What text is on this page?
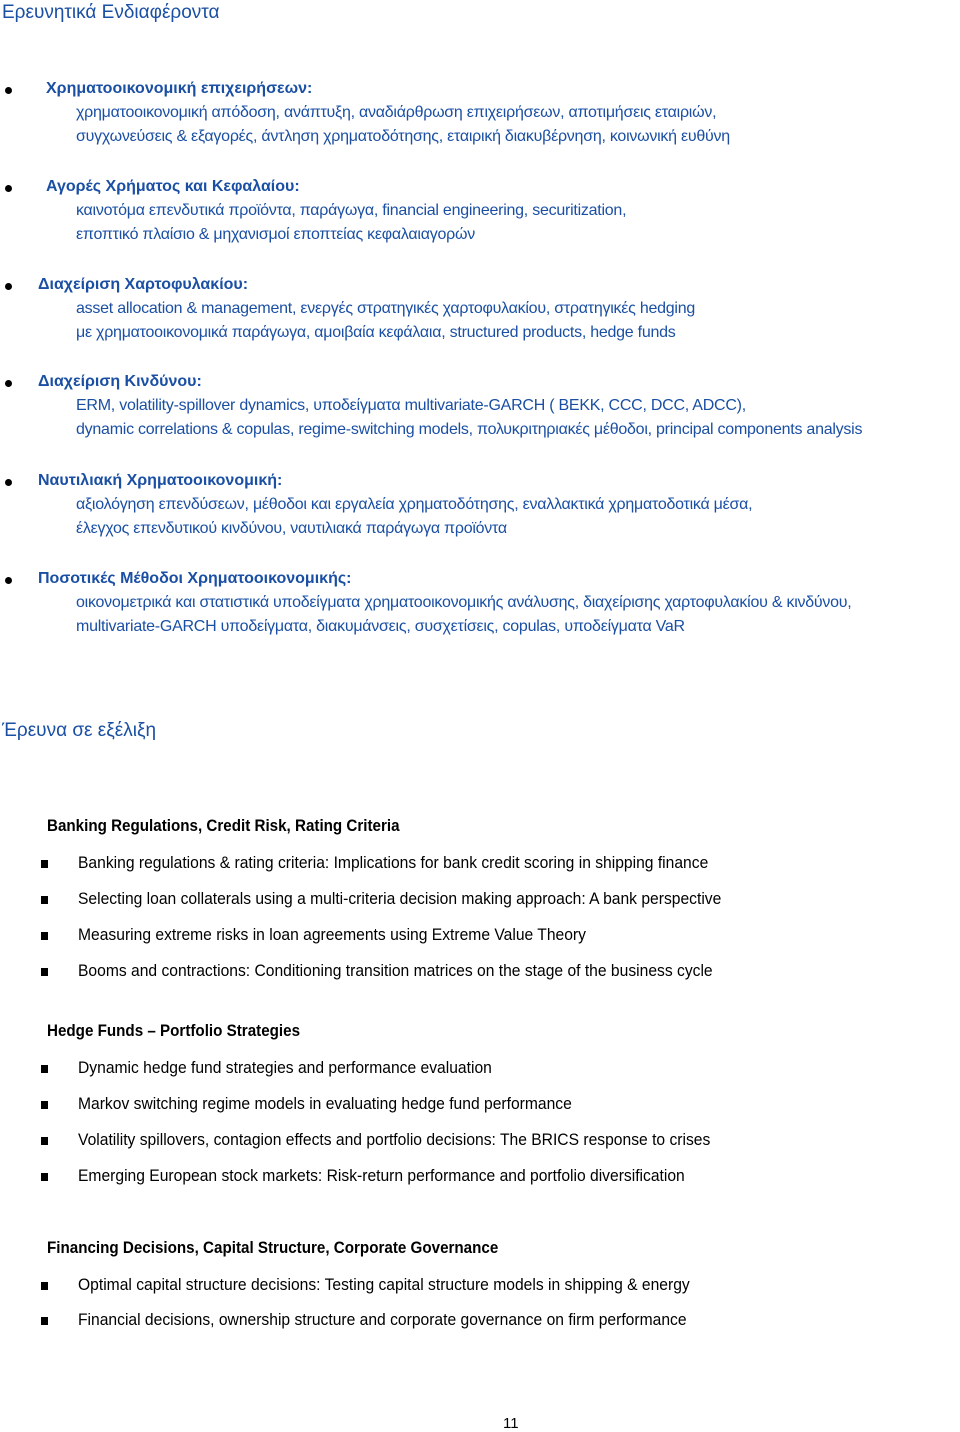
Ερευνητικά Ενδιαφέροντα
Χρηματοοικονομική επιχειρήσεων:
χρηματοοικονομική απόδοση, ανάπτυξη, αναδιάρθρωση επιχειρήσεων, αποτιμήσεις εταιριών,
συγχωνεύσεις & εξαγορές, άντληση χρηματοδότησης, εταιρική διακυβέρνηση, κοινωνική ευθύνη
Αγορές Χρήματος και Κεφαλαίου:
καινοτόμα επενδυτικά προϊόντα, παράγωγα, financial engineering, securitization,
εποπτικό πλαίσιο & μηχανισμοί εποπτείας κεφαλαιαγορών
Διαχείριση Χαρτοφυλακίου:
asset allocation & management, ενεργές στρατηγικές χαρτοφυλακίου, στρατηγικές hedging
με χρηματοοικονομικά παράγωγα, αμοιβαία κεφάλαια, structured products, hedge funds
Διαχείριση Κινδύνου:
ERM, volatility-spillover dynamics, υποδείγματα multivariate-GARCH ( BEKK, CCC, DCC, ADCC),
dynamic correlations & copulas, regime-switching models, πολυκριτηριακές μέθοδοι, principal components analysis
Ναυτιλιακή Χρηματοοικονομική:
αξιολόγηση επενδύσεων, μέθοδοι και εργαλεία χρηματοδότησης, εναλλακτικά χρηματοδοτικά μέσα,
έλεγχος επενδυτικού κινδύνου, ναυτιλιακά παράγωγα προϊόντα
Ποσοτικές Μέθοδοι Χρηματοοικονομικής:
οικονομετρικά και στατιστικά υποδείγματα χρηματοοικονομικής ανάλυσης, διαχείρισης χαρτοφυλακίου & κινδύνου,
multivariate-GARCH υποδείγματα, διακυμάνσεις, συσχετίσεις, copulas, υποδείγματα VaR
Έρευνα σε εξέλιξη
Banking Regulations, Credit Risk, Rating Criteria
Banking regulations & rating criteria: Implications for bank credit scoring in shipping finance
Selecting loan collaterals using a multi-criteria decision making approach: A bank perspective
Measuring extreme risks in loan agreements using Extreme Value Theory
Booms and contractions: Conditioning transition matrices on the stage of the business cycle
Hedge Funds – Portfolio Strategies
Dynamic hedge fund strategies and performance evaluation
Markov switching regime models in evaluating hedge fund performance
Volatility spillovers, contagion effects and portfolio decisions: The BRICS response to crises
Emerging European stock markets: Risk-return performance and portfolio diversification
Financing Decisions, Capital Structure, Corporate Governance
Optimal capital structure decisions: Testing capital structure models in shipping & energy
Financial decisions, ownership structure and corporate governance on firm performance
11
